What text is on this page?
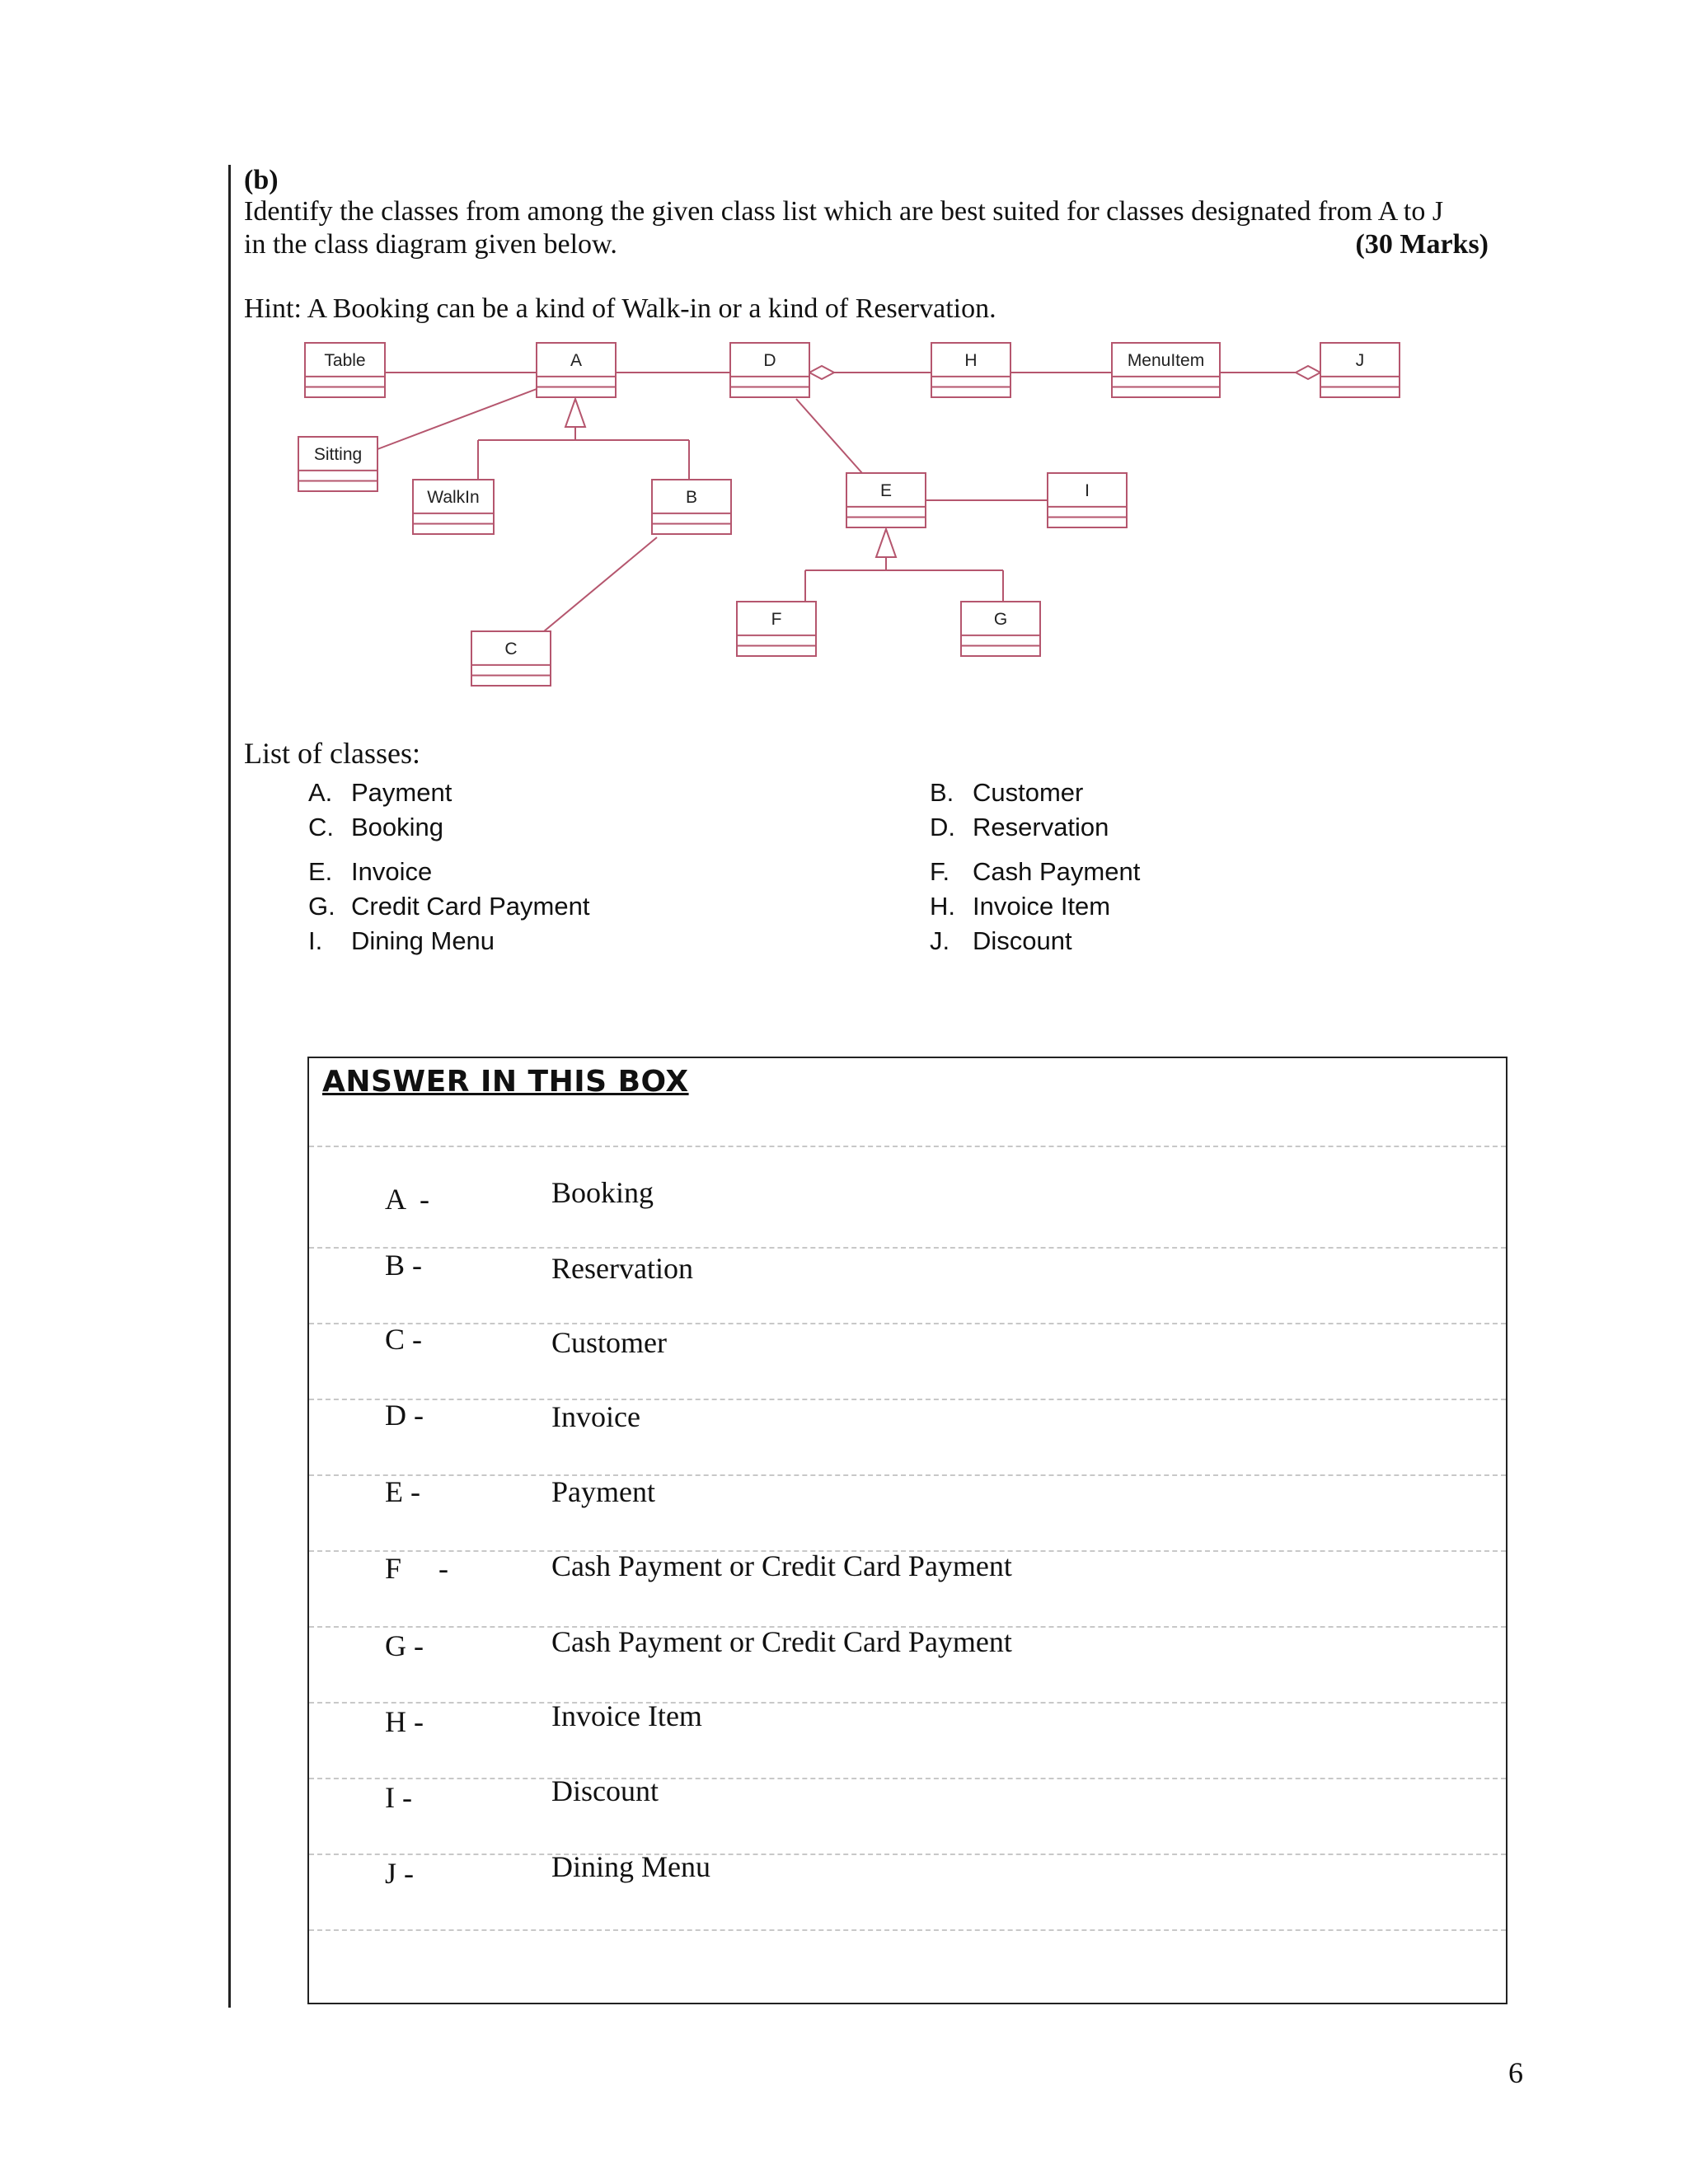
(b)
Identify the classes from among the given class list which are best suited for classes designated from A to J
in the class diagram given below.	(30 Marks)
Hint: A Booking can be a kind of Walk-in or a kind of Reservation.
Table	A	D	H	MenuItem	J
Sitting
WalkIn	B	E	I
F	G
C
List of classes:
A. Payment	B. Customer
C. Booking	D. Reservation
E. Invoice	F. Cash Payment
G. Credit Card Payment	H. Invoice Item
I. Dining Menu	J. Discount
ANSWER IN THIS BOX
A  -	Booking
B -	Reservation
C -	Customer
D -	Invoice
E -	Payment
F     -	Cash Payment or Credit Card Payment
G -	Cash Payment or Credit Card Payment
H -	Invoice Item
I -	Discount
J -	Dining Menu
6
